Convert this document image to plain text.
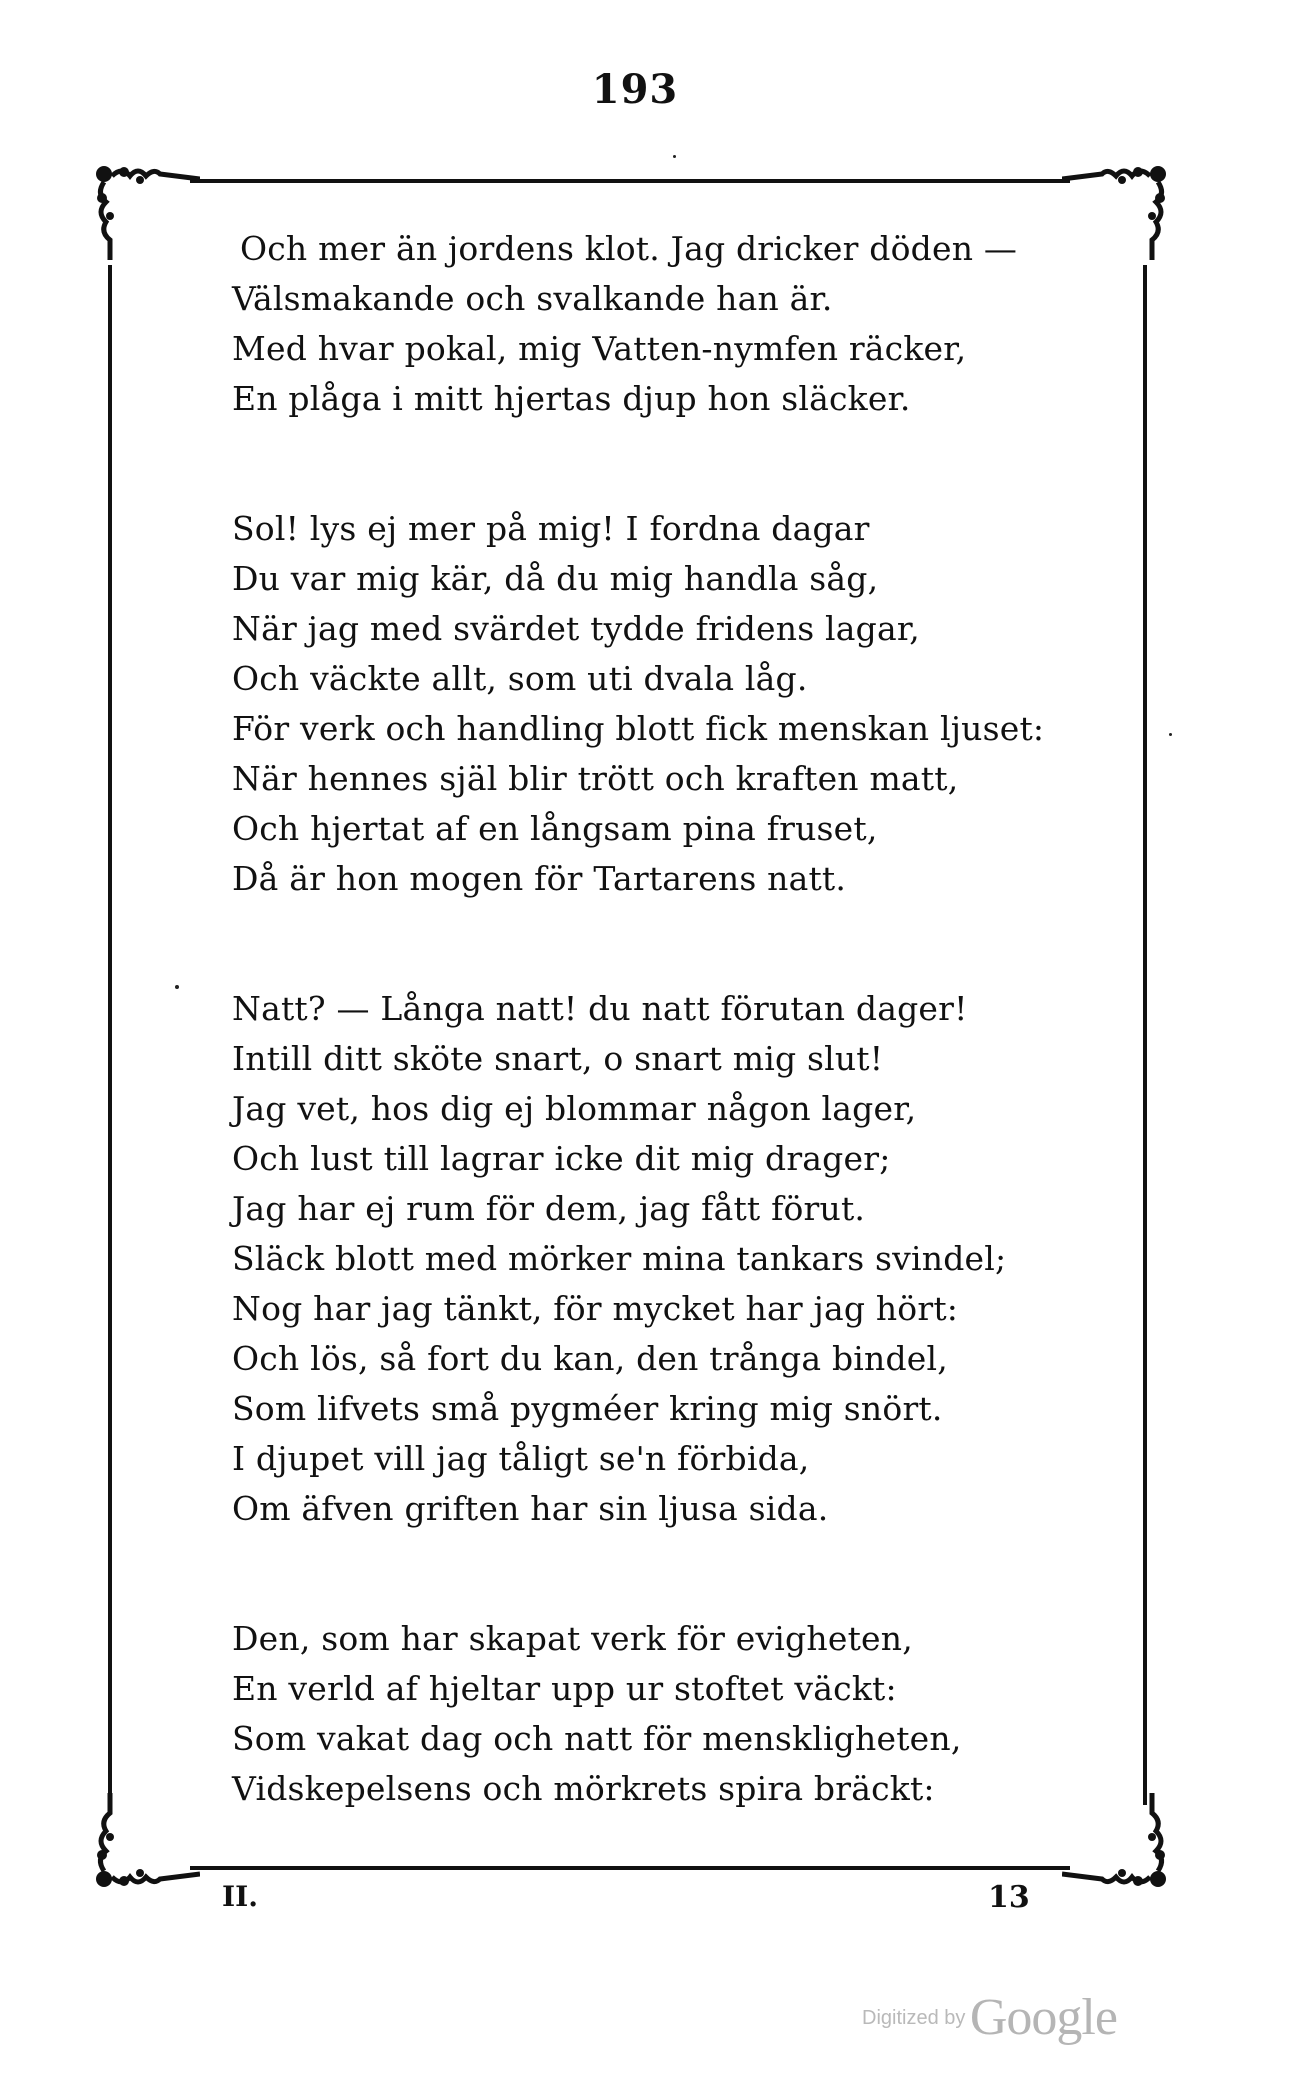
193
Och mer än jordens klot. Jag dricker döden —
Välsmakande och svalkande han är.
Med hvar pokal, mig Vatten-nymfen räcker,
En plåga i mitt hjertas djup hon släcker.
Sol! lys ej mer på mig! I fordna dagar
Du var mig kär, då du mig handla såg,
När jag med svärdet tydde fridens lagar,
Och väckte allt, som uti dvala låg.
För verk och handling blott fick menskan ljuset:
När hennes själ blir trött och kraften matt,
Och hjertat af en långsam pina fruset,
Då är hon mogen för Tartarens natt.
Natt? — Långa natt! du natt förutan dager!
Intill ditt sköte snart, o snart mig slut!
Jag vet, hos dig ej blommar någon lager,
Och lust till lagrar icke dit mig drager;
Jag har ej rum för dem, jag fått förut.
Släck blott med mörker mina tankars svindel;
Nog har jag tänkt, för mycket har jag hört:
Och lös, så fort du kan, den trånga bindel,
Som lifvets små pygméer kring mig snört.
I djupet vill jag tåligt se'n förbida,
Om äfven griften har sin ljusa sida.
Den, som har skapat verk för evigheten,
En verld af hjeltar upp ur stoftet väckt:
Som vakat dag och natt för menskligheten,
Vidskepelsens och mörkrets spira bräckt:
II.	13
Digitized by Google
